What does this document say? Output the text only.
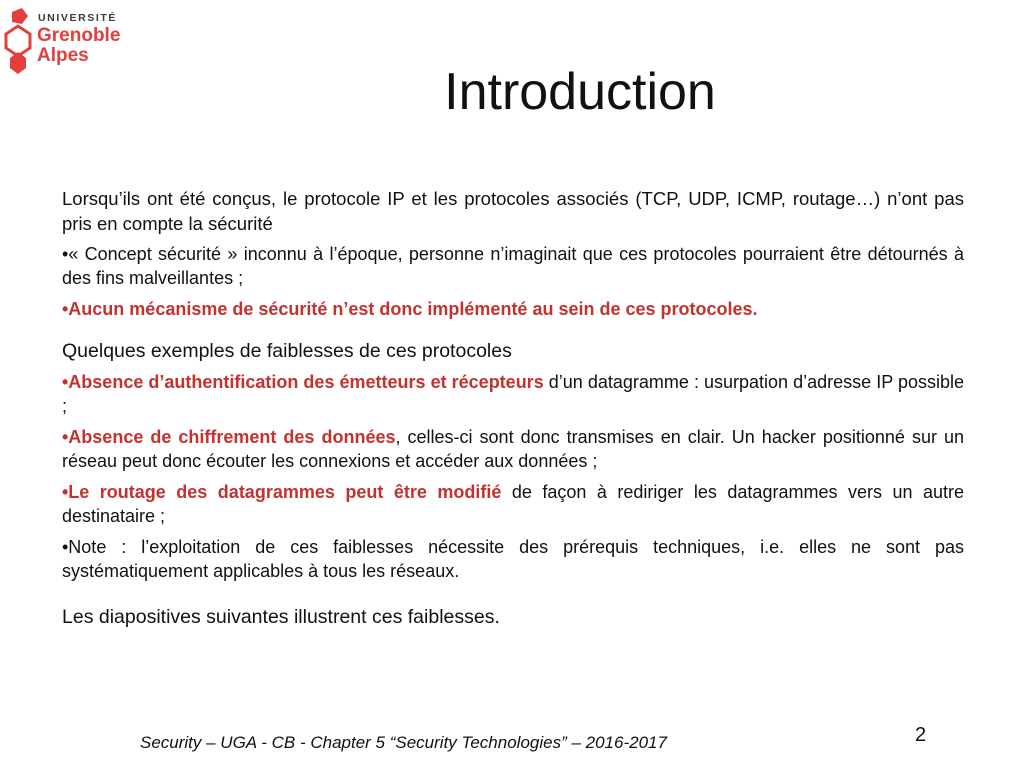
UNIVERSITÉ
Grenoble
Alpes
Introduction

Lorsqu’ils ont été conçus, le protocole IP et les protocoles associés (TCP, UDP, ICMP, routage…) n’ont pas pris en compte la sécurité

•« Concept sécurité » inconnu à l’époque, personne n’imaginait que ces protocoles pourraient être détournés à des fins malveillantes ;

•Aucun mécanisme de sécurité n’est donc implémenté au sein de ces protocoles.

Quelques exemples de faiblesses de ces protocoles

•Absence d’authentification des émetteurs et récepteurs d’un datagramme : usurpation d’adresse IP possible ;

•Absence de chiffrement des données, celles-ci sont donc transmises en clair. Un hacker positionné sur un réseau peut donc écouter les connexions et accéder aux données ;

•Le routage des datagrammes peut être modifié de façon à rediriger les datagrammes vers un autre destinataire ;

•Note : l’exploitation de ces faiblesses nécessite des prérequis techniques, i.e. elles ne sont pas systématiquement applicables à tous les réseaux.

Les diapositives suivantes illustrent ces faiblesses.

Security – UGA - CB - Chapter 5 “Security Technologies” – 2016-2017	2
